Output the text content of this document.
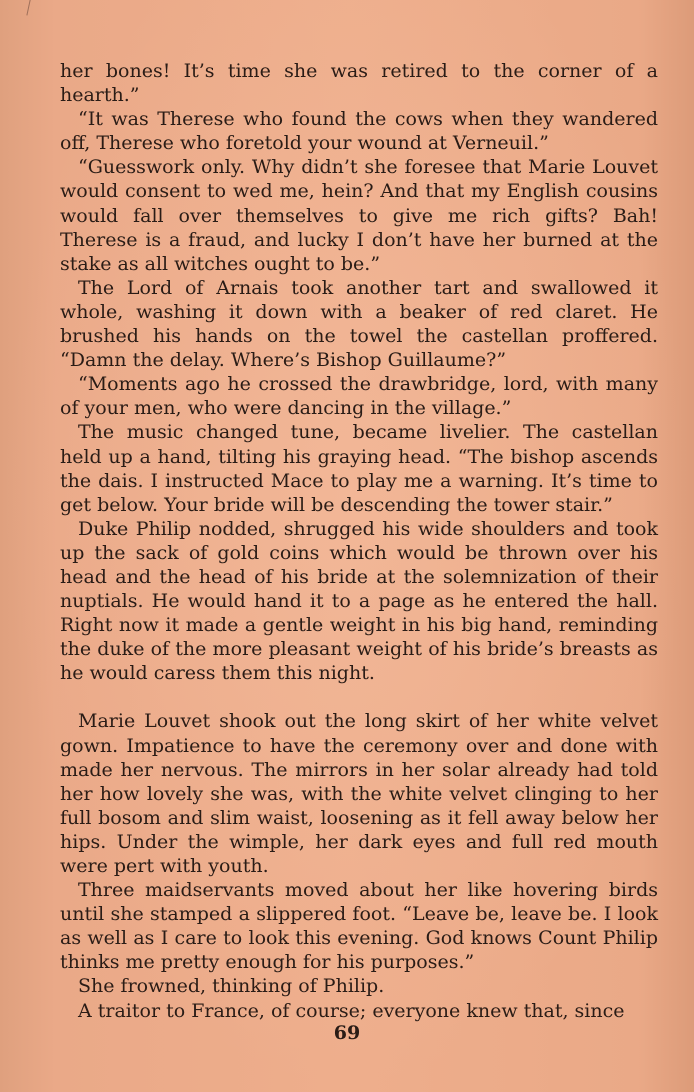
her bones! It’s time she was retired to the corner of a hearth.”

“It was Therese who found the cows when they wandered off, Therese who foretold your wound at Verneuil.”

“Guesswork only. Why didn’t she foresee that Marie Louvet would consent to wed me, hein? And that my English cousins would fall over themselves to give me rich gifts? Bah! Therese is a fraud, and lucky I don’t have her burned at the stake as all witches ought to be.”

The Lord of Arnais took another tart and swallowed it whole, washing it down with a beaker of red claret. He brushed his hands on the towel the castellan proffered. “Damn the delay. Where’s Bishop Guillaume?”

“Moments ago he crossed the drawbridge, lord, with many of your men, who were dancing in the village.”

The music changed tune, became livelier. The castellan held up a hand, tilting his graying head. “The bishop ascends the dais. I instructed Mace to play me a warning. It’s time to get below. Your bride will be descending the tower stair.”

Duke Philip nodded, shrugged his wide shoulders and took up the sack of gold coins which would be thrown over his head and the head of his bride at the solemnization of their nuptials. He would hand it to a page as he entered the hall. Right now it made a gentle weight in his big hand, reminding the duke of the more pleasant weight of his bride’s breasts as he would caress them this night.

Marie Louvet shook out the long skirt of her white velvet gown. Impatience to have the ceremony over and done with made her nervous. The mirrors in her solar already had told her how lovely she was, with the white velvet clinging to her full bosom and slim waist, loosening as it fell away below her hips. Under the wimple, her dark eyes and full red mouth were pert with youth.

Three maidservants moved about her like hovering birds until she stamped a slippered foot. “Leave be, leave be. I look as well as I care to look this evening. God knows Count Philip thinks me pretty enough for his purposes.”

She frowned, thinking of Philip.

A traitor to France, of course; everyone knew that, since

69
